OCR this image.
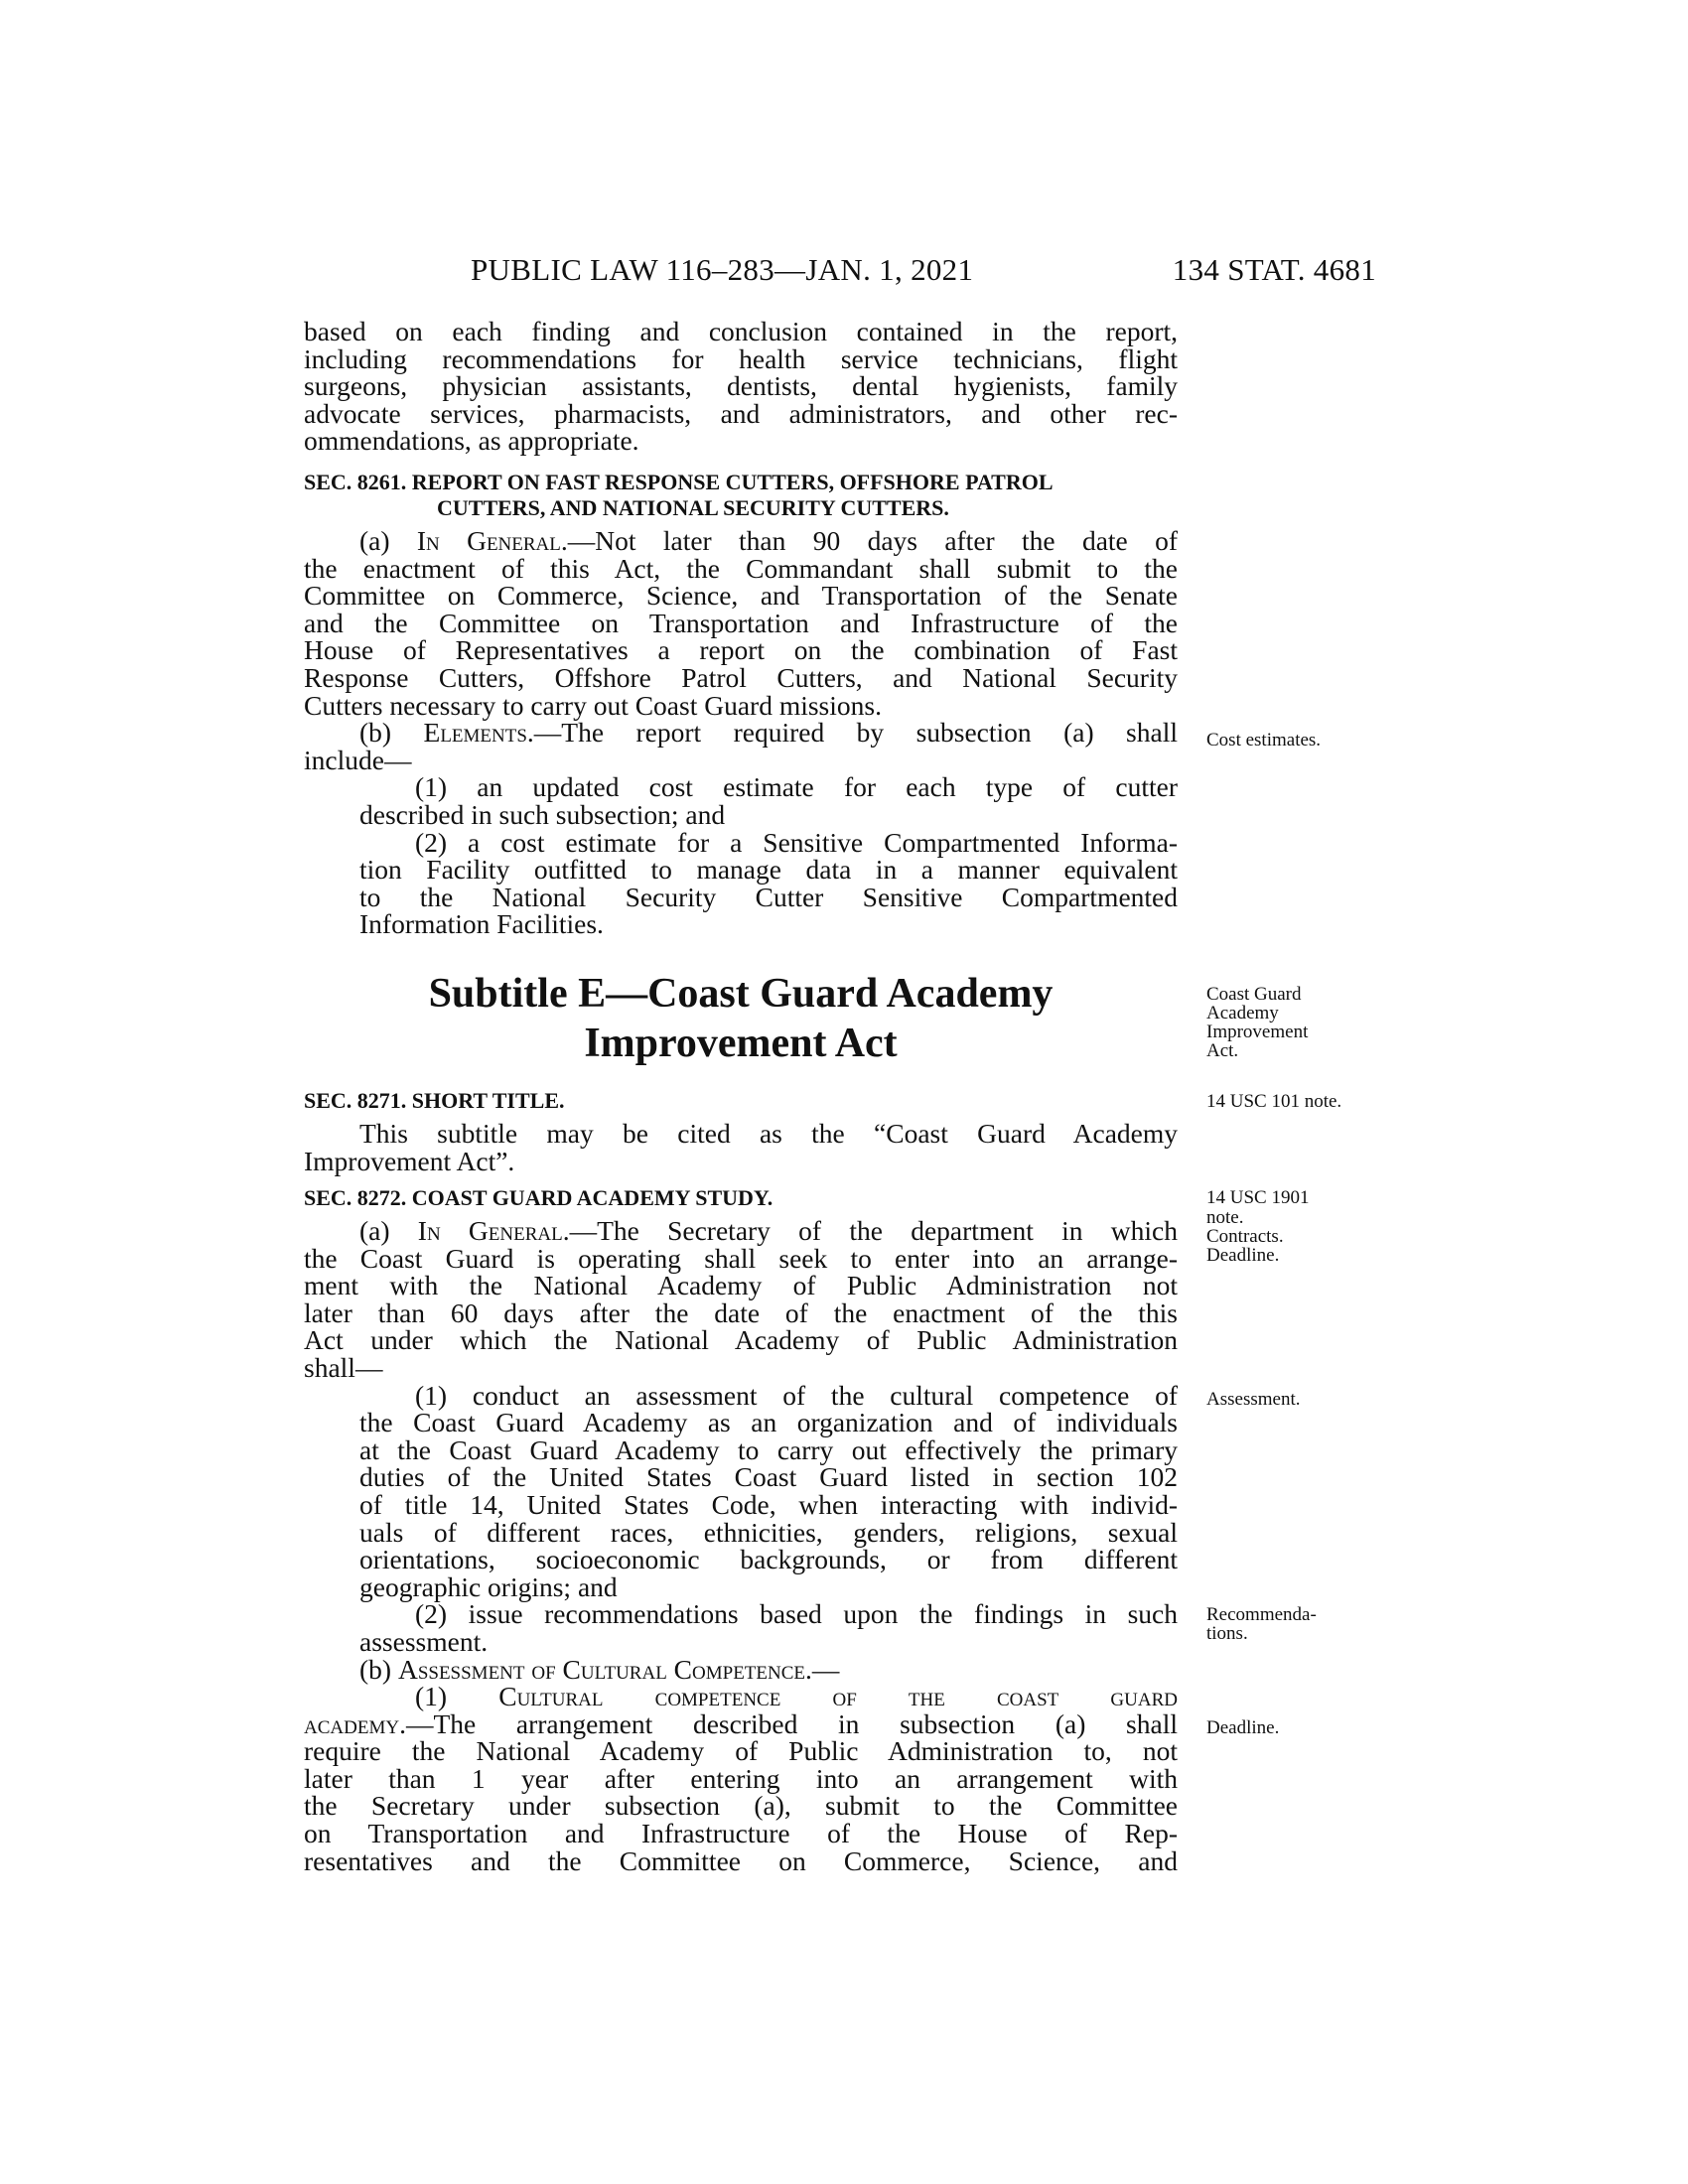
PUBLIC LAW 116–283—JAN. 1, 2021	134 STAT. 4681
based on each finding and conclusion contained in the report,
including recommendations for health service technicians, flight
surgeons, physician assistants, dentists, dental hygienists, family
advocate services, pharmacists, and administrators, and other rec-
ommendations, as appropriate.
SEC. 8261. REPORT ON FAST RESPONSE CUTTERS, OFFSHORE PATROL
CUTTERS, AND NATIONAL SECURITY CUTTERS.
(a) In General.—Not later than 90 days after the date of
the enactment of this Act, the Commandant shall submit to the
Committee on Commerce, Science, and Transportation of the Senate
and the Committee on Transportation and Infrastructure of the
House of Representatives a report on the combination of Fast
Response Cutters, Offshore Patrol Cutters, and National Security
Cutters necessary to carry out Coast Guard missions.
(b) Elements.—The report required by subsection (a) shall
include—
(1) an updated cost estimate for each type of cutter
described in such subsection; and
(2) a cost estimate for a Sensitive Compartmented Informa-
tion Facility outfitted to manage data in a manner equivalent
to the National Security Cutter Sensitive Compartmented
Information Facilities.
Subtitle E—Coast Guard Academy
Improvement Act
SEC. 8271. SHORT TITLE.
This subtitle may be cited as the “Coast Guard Academy
Improvement Act”.
SEC. 8272. COAST GUARD ACADEMY STUDY.
(a) In General.—The Secretary of the department in which
the Coast Guard is operating shall seek to enter into an arrange-
ment with the National Academy of Public Administration not
later than 60 days after the date of the enactment of the this
Act under which the National Academy of Public Administration
shall—
(1) conduct an assessment of the cultural competence of
the Coast Guard Academy as an organization and of individuals
at the Coast Guard Academy to carry out effectively the primary
duties of the United States Coast Guard listed in section 102
of title 14, United States Code, when interacting with individ-
uals of different races, ethnicities, genders, religions, sexual
orientations, socioeconomic backgrounds, or from different
geographic origins; and
(2) issue recommendations based upon the findings in such
assessment.
(b) Assessment of Cultural Competence.—
(1) Cultural competence of the coast guard
academy.—The arrangement described in subsection (a) shall
require the National Academy of Public Administration to, not
later than 1 year after entering into an arrangement with
the Secretary under subsection (a), submit to the Committee
on Transportation and Infrastructure of the House of Rep-
resentatives and the Committee on Commerce, Science, and
Cost estimates.
Coast Guard
Academy
Improvement
Act.
14 USC 101 note.
14 USC 1901
note.
Contracts.
Deadline.
Assessment.
Recommenda-
tions.
Deadline.
